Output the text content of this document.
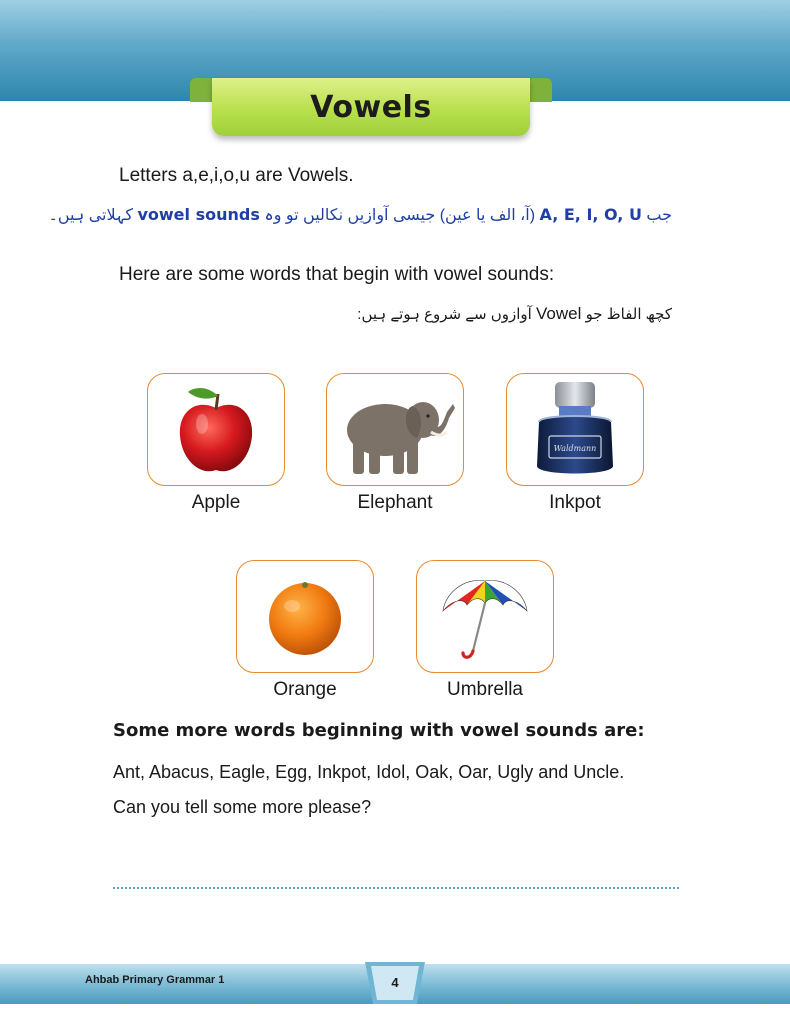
Vowels
Letters a,e,i,o,u are Vowels.
جب A, E, I, O, U (آ، الف یا عین) جیسی آوازیں نکالیں تو وہ vowel sounds کہلاتی ہیں۔
Here are some words that begin with vowel sounds:
کچھ الفاظ جو Vowel آوازوں سے شروع ہوتے ہیں:
Apple	Elephant
Waldmann
Inkpot
Orange	Umbrella
Some more words beginning with vowel sounds are:
Ant, Abacus, Eagle, Egg, Inkpot, Idol, Oak, Oar, Ugly and Uncle.
Can you tell some more please?
Ahbab Primary Grammar 1	4
